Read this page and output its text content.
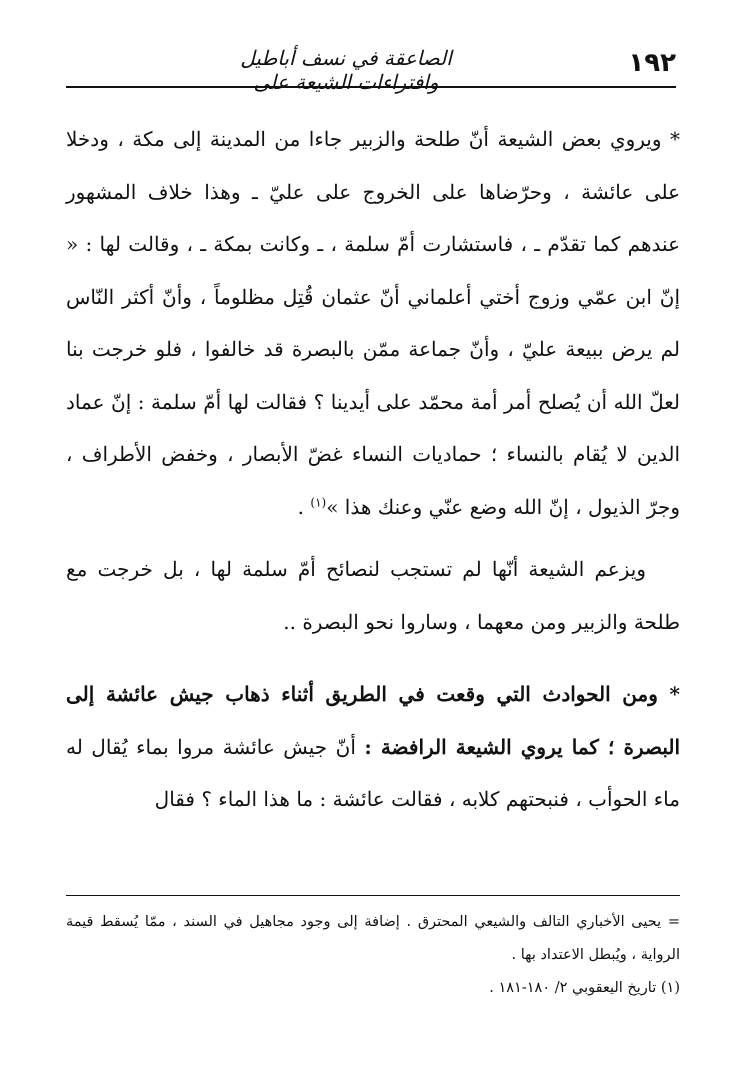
١٩٢
الصاعقة في نسف أباطيل وافتراءات الشيعة على

* ويروي بعض الشيعة أنّ طلحة والزبير جاءا من المدينة إلى مكة ، ودخلا على عائشة ، وحرّضاها على الخروج على عليّ ـ وهذا خلاف المشهور عندهم كما تقدّم ـ ، فاستشارت أمّ سلمة ، ـ وكانت بمكة ـ ، وقالت لها : « إنّ ابن عمّي وزوج أختي أعلماني أنّ عثمان قُتِل مظلوماً ، وأنّ أكثر النّاس لم يرض ببيعة عليّ ، وأنّ جماعة ممّن بالبصرة قد خالفوا ، فلو خرجت بنا لعلّ الله أن يُصلح أمر أمة محمّد على أيدينا ؟ فقالت لها أمّ سلمة : إنّ عماد الدين لا يُقام بالنساء ؛ حماديات النساء غضّ الأبصار ، وخفض الأطراف ، وجرّ الذيول ، إنّ الله وضع عنّي وعنك هذا »$^{(١)}$ .

ويزعم الشيعة أنّها لم تستجب لنصائح أمّ سلمة لها ، بل خرجت مع طلحة والزبير ومن معهما ، وساروا نحو البصرة ..

* ومن الحوادث التي وقعت في الطريق أثناء ذهاب جيش عائشة إلى البصرة ؛ كما يروي الشيعة الرافضة : أنّ جيش عائشة مروا بماء يُقال له ماء الحوأب ، فنبحتهم كلابه ، فقالت عائشة : ما هذا الماء ؟ فقال

= يحيى الأخباري التالف والشيعي المحترق . إضافة إلى وجود مجاهيل في السند ، ممّا يُسقط قيمة الرواية ، ويُبطل الاعتداد بها .

(١) تاريخ اليعقوبي ٢/ ١٨٠-١٨١ .
